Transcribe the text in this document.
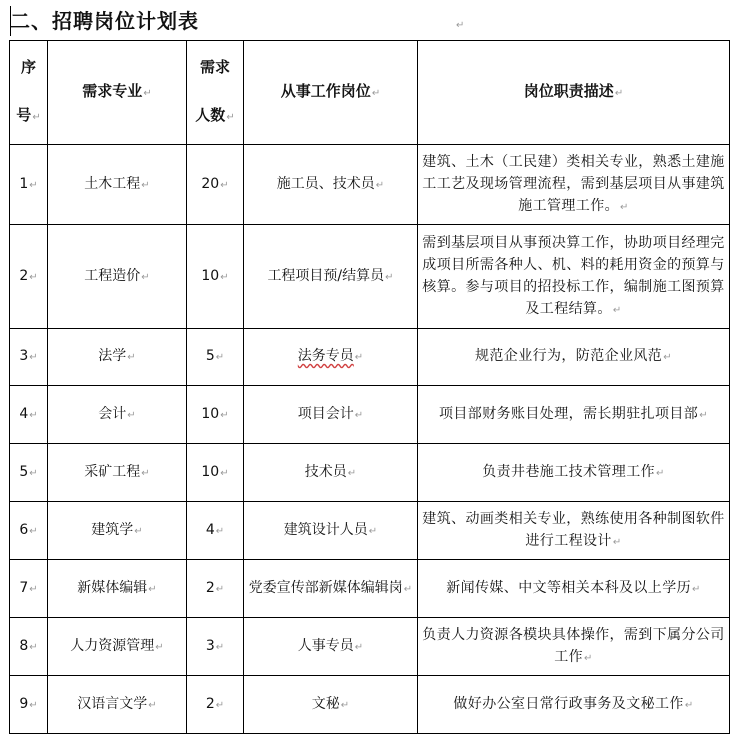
二、招聘岗位计划表	↵
序
号↵	需求专业↵	需求
人数↵	从事工作岗位↵	岗位职责描述↵
1↵	土木工程↵	20↵	施工员、技术员↵	建筑、土木（工民建）类相关专业，熟悉土建施工工艺及现场管理流程，需到基层项目从事建筑施工管理工作。↵
2↵	工程造价↵	10↵	工程项目预/结算员↵	需到基层项目从事预决算工作，协助项目经理完成项目所需各种人、机、料的耗用资金的预算与核算。参与项目的招投标工作，编制施工图预算及工程结算。↵
3↵	法学↵	5↵	法务专员↵	规范企业行为，防范企业风范↵
4↵	会计↵	10↵	项目会计↵	项目部财务账目处理，需长期驻扎项目部↵
5↵	采矿工程↵	10↵	技术员↵	负责井巷施工技术管理工作↵
6↵	建筑学↵	4↵	建筑设计人员↵	建筑、动画类相关专业，熟练使用各种制图软件进行工程设计↵
7↵	新媒体编辑↵	2↵	党委宣传部新媒体编辑岗↵	新闻传媒、中文等相关本科及以上学历↵
8↵	人力资源管理↵	3↵	人事专员↵	负责人力资源各模块具体操作，需到下属分公司工作↵
9↵	汉语言文学↵	2↵	文秘↵	做好办公室日常行政事务及文秘工作↵
